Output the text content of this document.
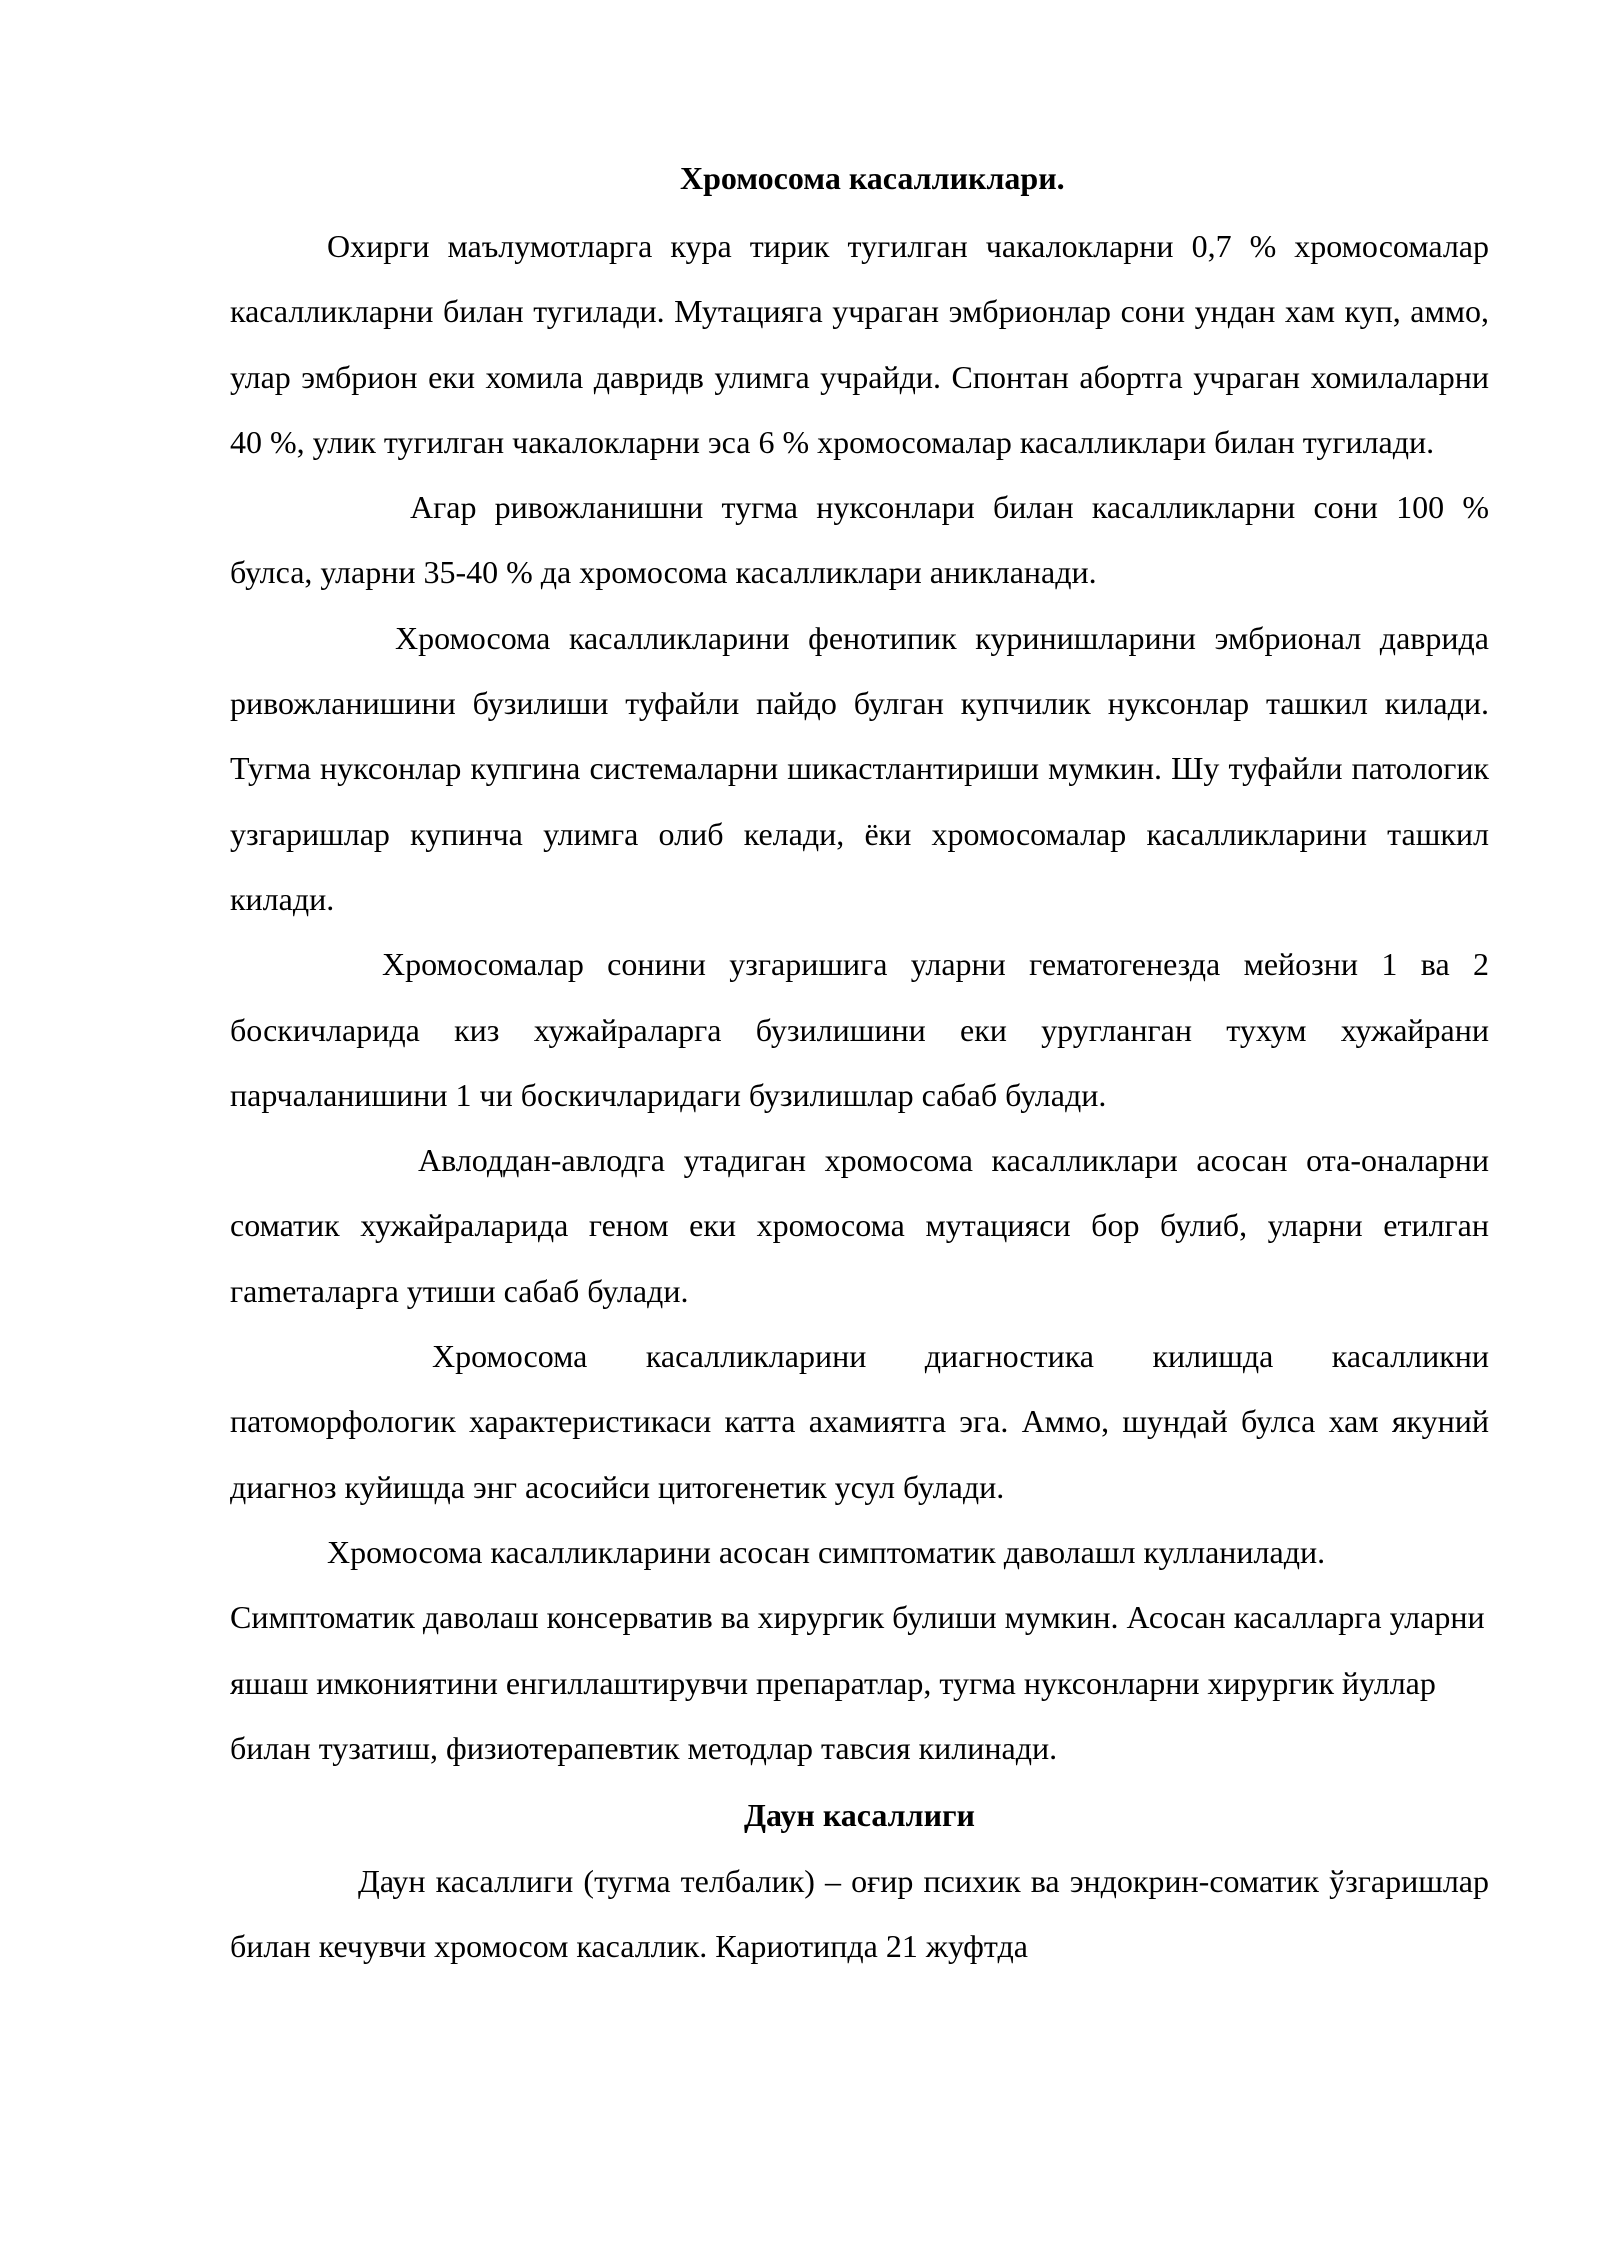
Хромосома касалликлари.

Охирги маълумотларга кура тирик тугилган чакалокларни 0,7 % хромосомалар касалликларни билан тугилади. Мутацияга учраган эмбрионлар сони ундан хам куп, аммо, улар эмбрион еки хомила давридв улимга учрайди. Спонтан абортга учраган хомилаларни 40 %, улик тугилган чакалокларни эса 6 % хромосомалар касалликлари билан тугилади.

Агар ривожланишни тугма нуксонлари билан касалликларни сони 100 % булса, уларни 35-40 % да хромосома касалликлари аникланади.

Хромосома касалликларини фенотипик куринишларини эмбрионал даврида ривожланишини бузилиши туфайли пайдо булган купчилик нуксонлар ташкил килади. Тугма нуксонлар купгина системаларни шикастлантириши мумкин. Шу туфайли патологик узгаришлар купинча улимга олиб келади, ёки хромосомалар касалликларини ташкил килади.

Хромосомалар сонини узгаришига уларни гематогенезда мейозни 1 ва 2 боскичларида киз хужайраларга бузилишини еки уругланган тухум хужайрани парчаланишини 1 чи боскичларидаги бузилишлар сабаб булади.

Авлоддан-авлодга утадиган хромосома касалликлари асосан ота-оналарни соматик хужайраларида геном еки хромосома мутацияси бор булиб, уларни етилган гameталарга утиши сабаб булади.

Хромосома касалликларини диагностика килишда касалликни патоморфологик характеристикаси катта ахамиятга эга. Аммо, шундай булса хам якуний диагноз куйишда энг асосийси цитогенетик усул булади.

Хромосома касалликларини асосан симптоматик даволашл кулланилади. Симптоматик даволаш консерватив ва хирургик булиши мумкин. Асосан касалларга уларни яшаш имкониятини енгиллаштирувчи препаратлар, тугма нуксонларни хирургик йуллар билан тузатиш, физиотерапевтик методлар тавсия килинади.

Даун касаллиги

Даун касаллиги (тугма телбалик) – оғир психик ва эндокрин-соматик ўзгаришлар билан кечувчи хромосом касаллик. Кариотипда 21 жуфтда
